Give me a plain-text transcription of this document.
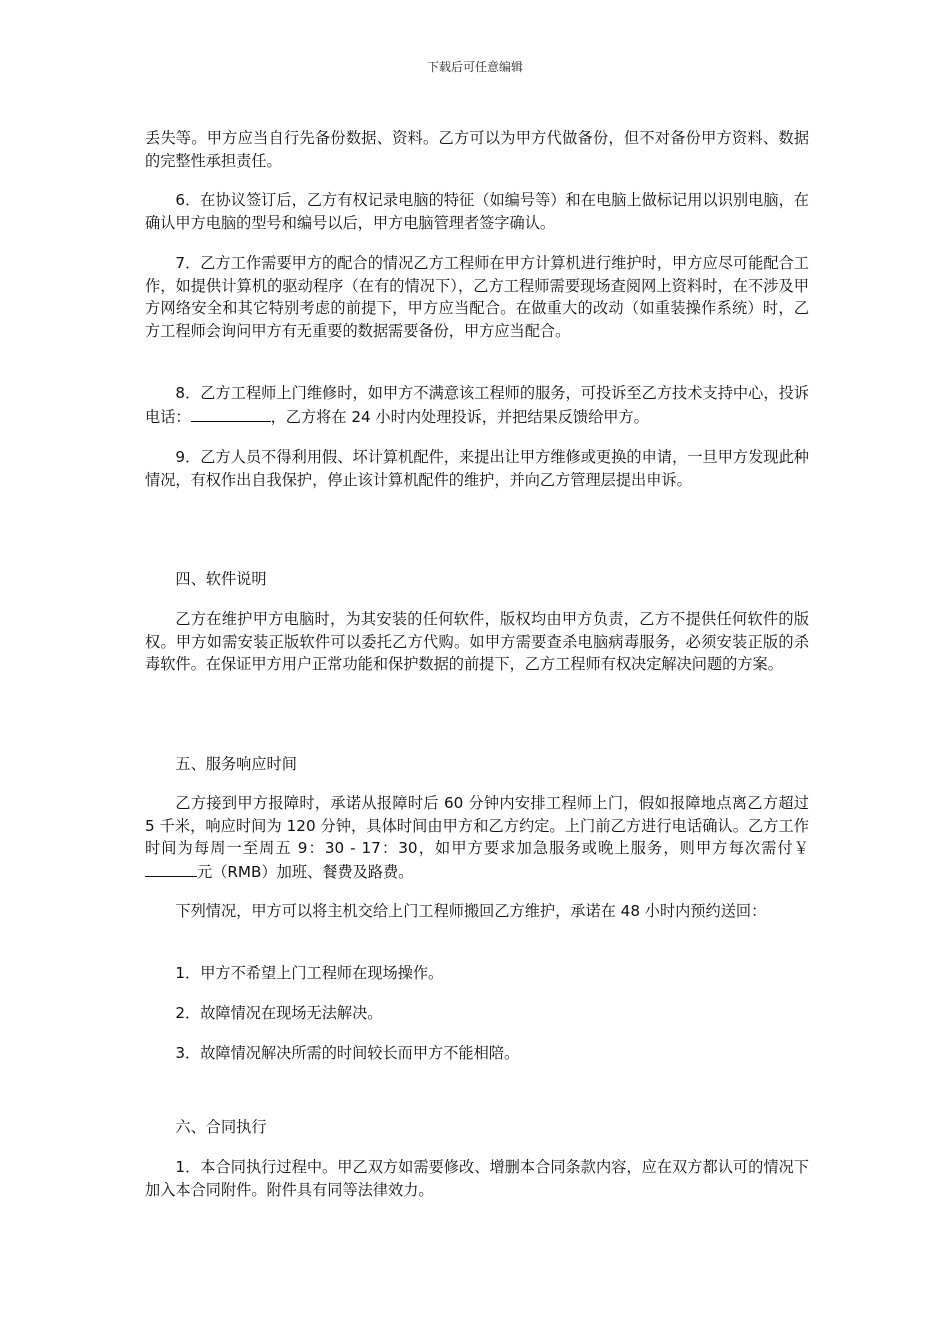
下载后可任意编辑

丢失等。甲方应当自行先备份数据、资料。乙方可以为甲方代做备份，但不对备份甲方资料、数据的完整性承担责任。

6．在协议签订后，乙方有权记录电脑的特征（如编号等）和在电脑上做标记用以识别电脑，在确认甲方电脑的型号和编号以后，甲方电脑管理者签字确认。

7．乙方工作需要甲方的配合的情况乙方工程师在甲方计算机进行维护时，甲方应尽可能配合工作，如提供计算机的驱动程序（在有的情况下），乙方工程师需要现场查阅网上资料时，在不涉及甲方网络安全和其它特别考虑的前提下，甲方应当配合。在做重大的改动（如重装操作系统）时，乙方工程师会询问甲方有无重要的数据需要备份，甲方应当配合。

8．乙方工程师上门维修时，如甲方不满意该工程师的服务，可投诉至乙方技术支持中心，投诉电话：	，乙方将在 24 小时内处理投诉，并把结果反馈给甲方。

9．乙方人员不得利用假、坏计算机配件，来提出让甲方维修或更换的申请，一旦甲方发现此种情况，有权作出自我保护，停止该计算机配件的维护，并向乙方管理层提出申诉。

四、软件说明

乙方在维护甲方电脑时，为其安装的任何软件，版权均由甲方负责，乙方不提供任何软件的版权。甲方如需安装正版软件可以委托乙方代购。如甲方需要查杀电脑病毒服务，必须安装正版的杀毒软件。在保证甲方用户正常功能和保护数据的前提下，乙方工程师有权决定解决问题的方案。

五、服务响应时间

乙方接到甲方报障时，承诺从报障时后 60 分钟内安排工程师上门，假如报障地点离乙方超过 5 千米，响应时间为 120 分钟，具体时间由甲方和乙方约定。上门前乙方进行电话确认。乙方工作时间为每周一至周五 9：30 - 17：30，如甲方要求加急服务或晚上服务，则甲方每次需付￥元（RMB）加班、餐费及路费。

下列情况，甲方可以将主机交给上门工程师搬回乙方维护，承诺在 48 小时内预约送回：

1．甲方不希望上门工程师在现场操作。

2．故障情况在现场无法解决。

3．故障情况解决所需的时间较长而甲方不能相陪。

六、合同执行

1．本合同执行过程中。甲乙双方如需要修改、增删本合同条款内容，应在双方都认可的情况下加入本合同附件。附件具有同等法律效力。
